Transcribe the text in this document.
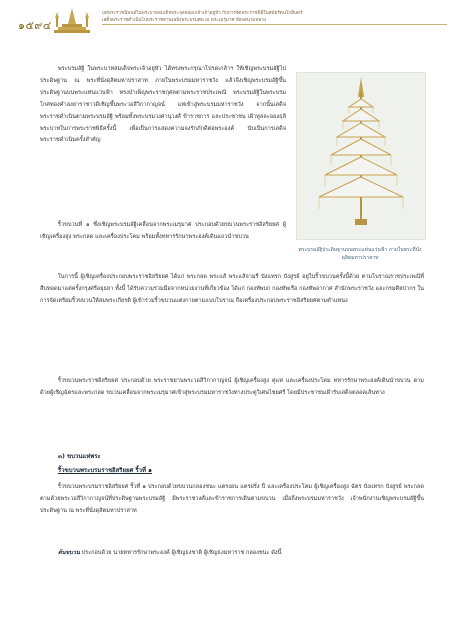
๑๕๙๔
บทพระราชนิพนธ์ในพระบาทสมเด็จพระจุลจอมเกล้าเจ้าอยู่หัว กับการจัดพระราชพิธีในสมัยรัตนโกสินทร์
เสด็จพระราชดำเนินไปพระราชทานเพลิงพระบรมศพ ณ พระเมรุมาศ ท้องสนามหลวง

พระบรมอัฐิ ในพระบาทสมเด็จพระเจ้าอยู่หัว ได้ทรงพระกรุณาโปรดเกล้าฯ ให้เชิญพระบรมอัฐิไปประดิษฐาน ณ พระที่นั่งดุสิตมหาปราสาท ภายในพระบรมมหาราชวัง แล้วจึงเชิญพระบรมอัฐิขึ้นประดิษฐานบนพระแท่นแว่นฟ้า ทรงบำเพ็ญพระราชกุศลตามพระราชประเพณี พระบรมอัฐิในพระบรมโกศทองคำลงยาราชาวดีเชิญขึ้นพระวอสีวิกากาญจน์ แห่เข้าสู่พระบรมมหาราชวัง จากนั้นเสด็จพระราชดำเนินตามพระบรมอัฐิ พร้อมทั้งพระบรมวงศานุวงศ์ ข้าราชการ และประชาชน เฝ้าทูลละอองธุลีพระบาทในการพระราชพิธีครั้งนี้ เพื่อเป็นการแสดงความจงรักภักดีต่อพระองค์ นับเป็นการเสด็จพระราชดำเนินครั้งสำคัญ

ริ้วขบวนที่ ๑ ซึ่งเชิญพระบรมอัฐิเคลื่อนจากพระเมรุมาศ ประกอบด้วยขบวนพระราชอิสริยยศ ผู้เชิญเครื่องสูง พระกลด และเครื่องประโคม พร้อมทั้งทหารรักษาพระองค์เดินแถวนำขบวน

พระบรมอัฐิประดิษฐานบนพระแท่นแว่นฟ้า ภายในพระที่นั่งดุสิตมหาปราสาท

ในการนี้ ผู้เชิญเครื่องประกอบพระราชอิสริยยศ ได้แก่ พระกลด พระแส้ พระแส้จามรี บังแทรก บังสูรย์ อยู่ในริ้วขบวนครั้งนี้ด้วย ตามโบราณราชประเพณีที่สืบทอดมาแต่ครั้งกรุงศรีอยุธยา ทั้งนี้ ได้รับความร่วมมือจากหน่วยงานที่เกี่ยวข้อง ได้แก่ กองทัพบก กองทัพเรือ กองทัพอากาศ สำนักพระราชวัง และกรมศิลปากร ในการจัดเตรียมริ้วขบวนให้สมพระเกียรติ ผู้เข้าร่วมริ้วขบวนแต่งกายตามแบบโบราณ ถือเครื่องประกอบพระราชอิสริยยศตามตำแหน่ง

ริ้วขบวนพระราชอิสริยยศ ประกอบด้วย พระราชยานพระวอสีวิกากาญจน์ ผู้เชิญเครื่องสูง คู่แห่ และเครื่องประโคม ทหารรักษาพระองค์เดินนำขบวน ตามด้วยผู้เชิญฉัตรและพระกลด ขบวนเคลื่อนจากพระเมรุมาศเข้าสู่พระบรมมหาราชวังทางประตูวิเศษไชยศรี โดยมีประชาชนเฝ้ารับเสด็จตลอดเส้นทาง

๓) ขบวนแห่พระ
ริ้วขบวนพระบรมราชอิสริยยศ ริ้วที่ ๑

ริ้วขบวนพระบรมราชอิสริยยศ ริ้วที่ ๑ ประกอบด้วยขบวนกลองชนะ แตรงอน แตรฝรั่ง ปี่ และเครื่องประโคม ผู้เชิญเครื่องสูง ฉัตร บังแทรก บังสูรย์ พระกลด ตามด้วยพระวอสีวิกากาญจน์ที่ประดิษฐานพระบรมอัฐิ มีพระราชวงศ์และข้าราชการเดินตามขบวน เมื่อถึงพระบรมมหาราชวัง เจ้าพนักงานเชิญพระบรมอัฐิขึ้นประดิษฐาน ณ พระที่นั่งดุสิตมหาปราสาท

ต้นขบวน ประกอบด้วย นายทหารรักษาพระองค์ ผู้เชิญธงชาติ ผู้เชิญธงมหาราช กลองชนะ ดังนี้
